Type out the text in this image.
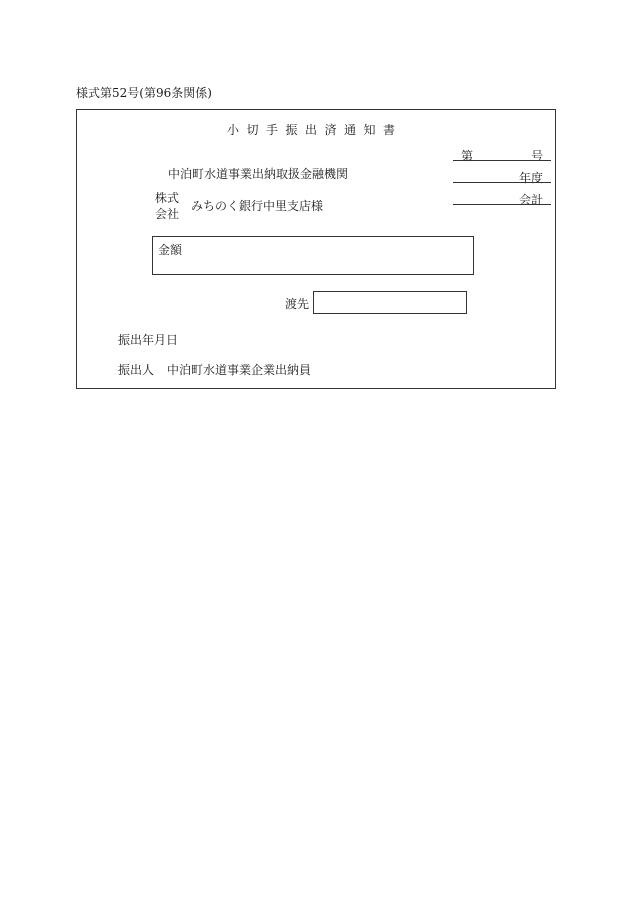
様式第52号(第96条関係)
小切手振出済通知書
第	号
年度
会計
中泊町水道事業出納取扱金融機関
株式
会社
みちのく銀行中里支店様
金額
渡先
振出年月日
振出人 中泊町水道事業企業出納員
